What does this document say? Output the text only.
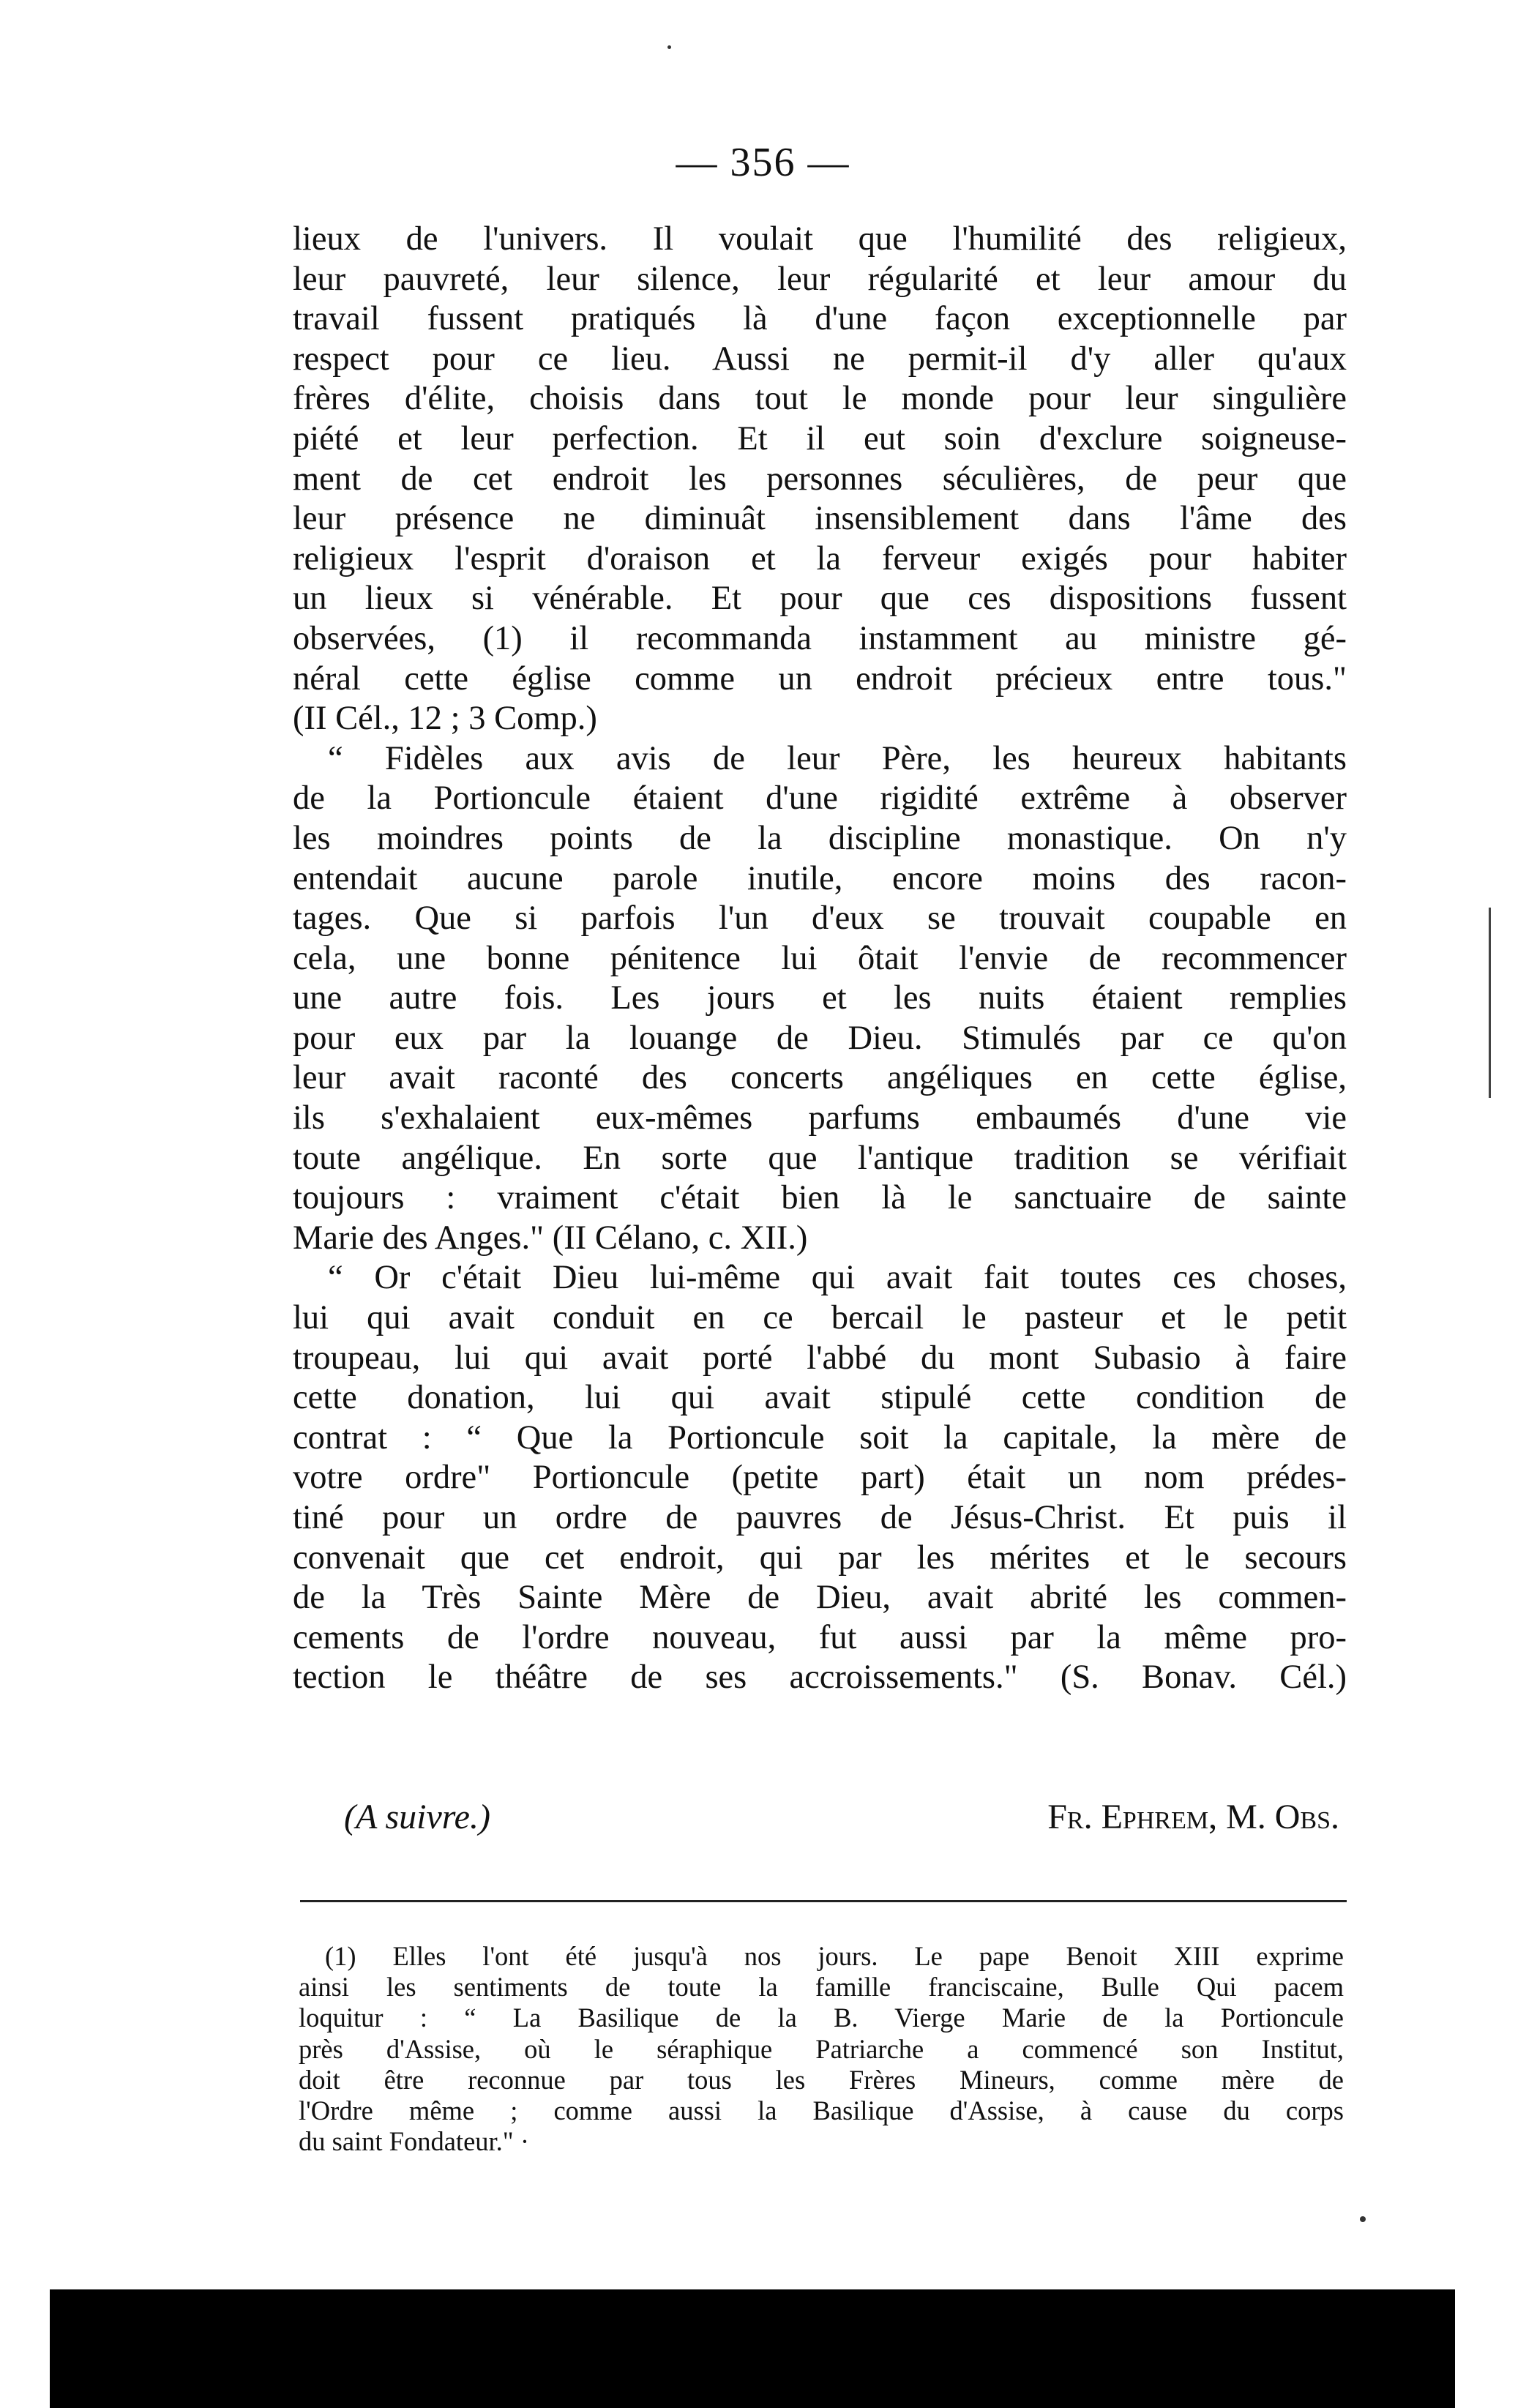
— 356 —
lieux de l'univers. Il voulait que l'humilité des religieux,
leur pauvreté, leur silence, leur régularité et leur amour du
travail fussent pratiqués là d'une façon exceptionnelle par
respect pour ce lieu. Aussi ne permit-il d'y aller qu'aux
frères d'élite, choisis dans tout le monde pour leur singulière
piété et leur perfection. Et il eut soin d'exclure soigneuse-
ment de cet endroit les personnes séculières, de peur que
leur présence ne diminuât insensiblement dans l'âme des
religieux l'esprit d'oraison et la ferveur exigés pour habiter
un lieux si vénérable. Et pour que ces dispositions fussent
observées, (1) il recommanda instamment au ministre gé-
néral cette église comme un endroit précieux entre tous."
(II Cél., 12 ; 3 Comp.)
“ Fidèles aux avis de leur Père, les heureux habitants
de la Portioncule étaient d'une rigidité extrême à observer
les moindres points de la discipline monastique. On n'y
entendait aucune parole inutile, encore moins des racon-
tages. Que si parfois l'un d'eux se trouvait coupable en
cela, une bonne pénitence lui ôtait l'envie de recommencer
une autre fois. Les jours et les nuits étaient remplies
pour eux par la louange de Dieu. Stimulés par ce qu'on
leur avait raconté des concerts angéliques en cette église,
ils s'exhalaient eux-mêmes parfums embaumés d'une vie
toute angélique. En sorte que l'antique tradition se vérifiait
toujours : vraiment c'était bien là le sanctuaire de sainte
Marie des Anges." (II Célano, c. XII.)
“ Or c'était Dieu lui-même qui avait fait toutes ces choses,
lui qui avait conduit en ce bercail le pasteur et le petit
troupeau, lui qui avait porté l'abbé du mont Subasio à faire
cette donation, lui qui avait stipulé cette condition de
contrat : “ Que la Portioncule soit la capitale, la mère de
votre ordre" Portioncule (petite part) était un nom prédes-
tiné pour un ordre de pauvres de Jésus-Christ. Et puis il
convenait que cet endroit, qui par les mérites et le secours
de la Très Sainte Mère de Dieu, avait abrité les commen-
cements de l'ordre nouveau, fut aussi par la même pro-
tection le théâtre de ses accroissements." (S. Bonav. Cél.)
(A suivre.)	Fr. Ephrem, M. Obs.
(1) Elles l'ont été jusqu'à nos jours. Le pape Benoit XIII exprime
ainsi les sentiments de toute la famille franciscaine, Bulle Qui pacem
loquitur : “ La Basilique de la B. Vierge Marie de la Portioncule
près d'Assise, où le séraphique Patriarche a commencé son Institut,
doit être reconnue par tous les Frères Mineurs, comme mère de
l'Ordre même ; comme aussi la Basilique d'Assise, à cause du corps
du saint Fondateur." ·
